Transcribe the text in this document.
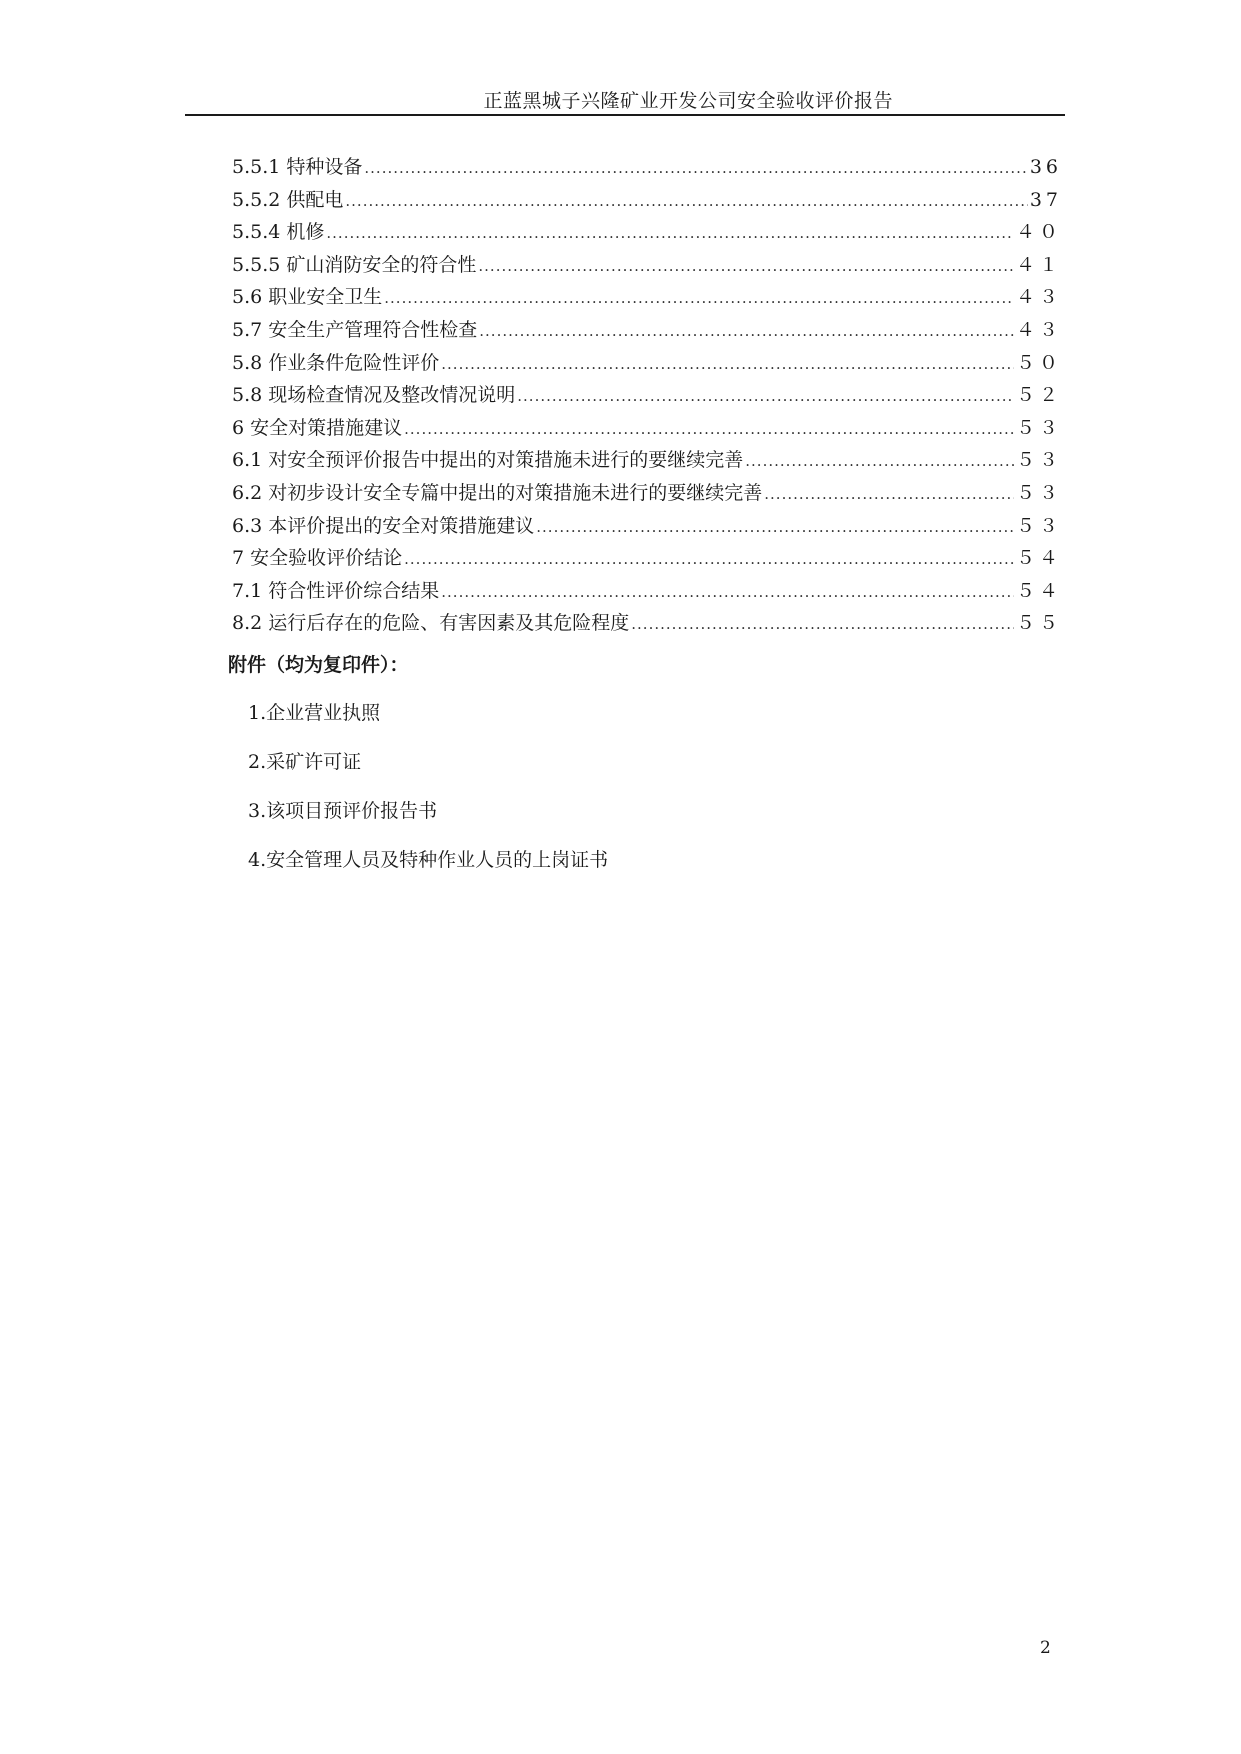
正蓝黑城子兴隆矿业开发公司安全验收评价报告
5.5.1 特种设备 .....	36
5.5.2 供配电 .....	37
5.5.4 机修 .....	４０
5.5.5 矿山消防安全的符合性 .....	４１
5.6 职业安全卫生 .....	４３
5.7 安全生产管理符合性检查 .....	４３
5.8 作业条件危险性评价 .....	５０
5.8 现场检查情况及整改情况说明 .....	５２
6 安全对策措施建议 .....	５３
6.1 对安全预评价报告中提出的对策措施未进行的要继续完善 .....	５３
6.2 对初步设计安全专篇中提出的对策措施未进行的要继续完善 .....	５３
6.3 本评价提出的安全对策措施建议 .....	５３
7 安全验收评价结论 .....	５４
7.1 符合性评价综合结果 .....	５４
8.2 运行后存在的危险、有害因素及其危险程度 .....	５５
附件（均为复印件）：
1.企业营业执照
2.采矿许可证
3.该项目预评价报告书
4.安全管理人员及特种作业人员的上岗证书
2
